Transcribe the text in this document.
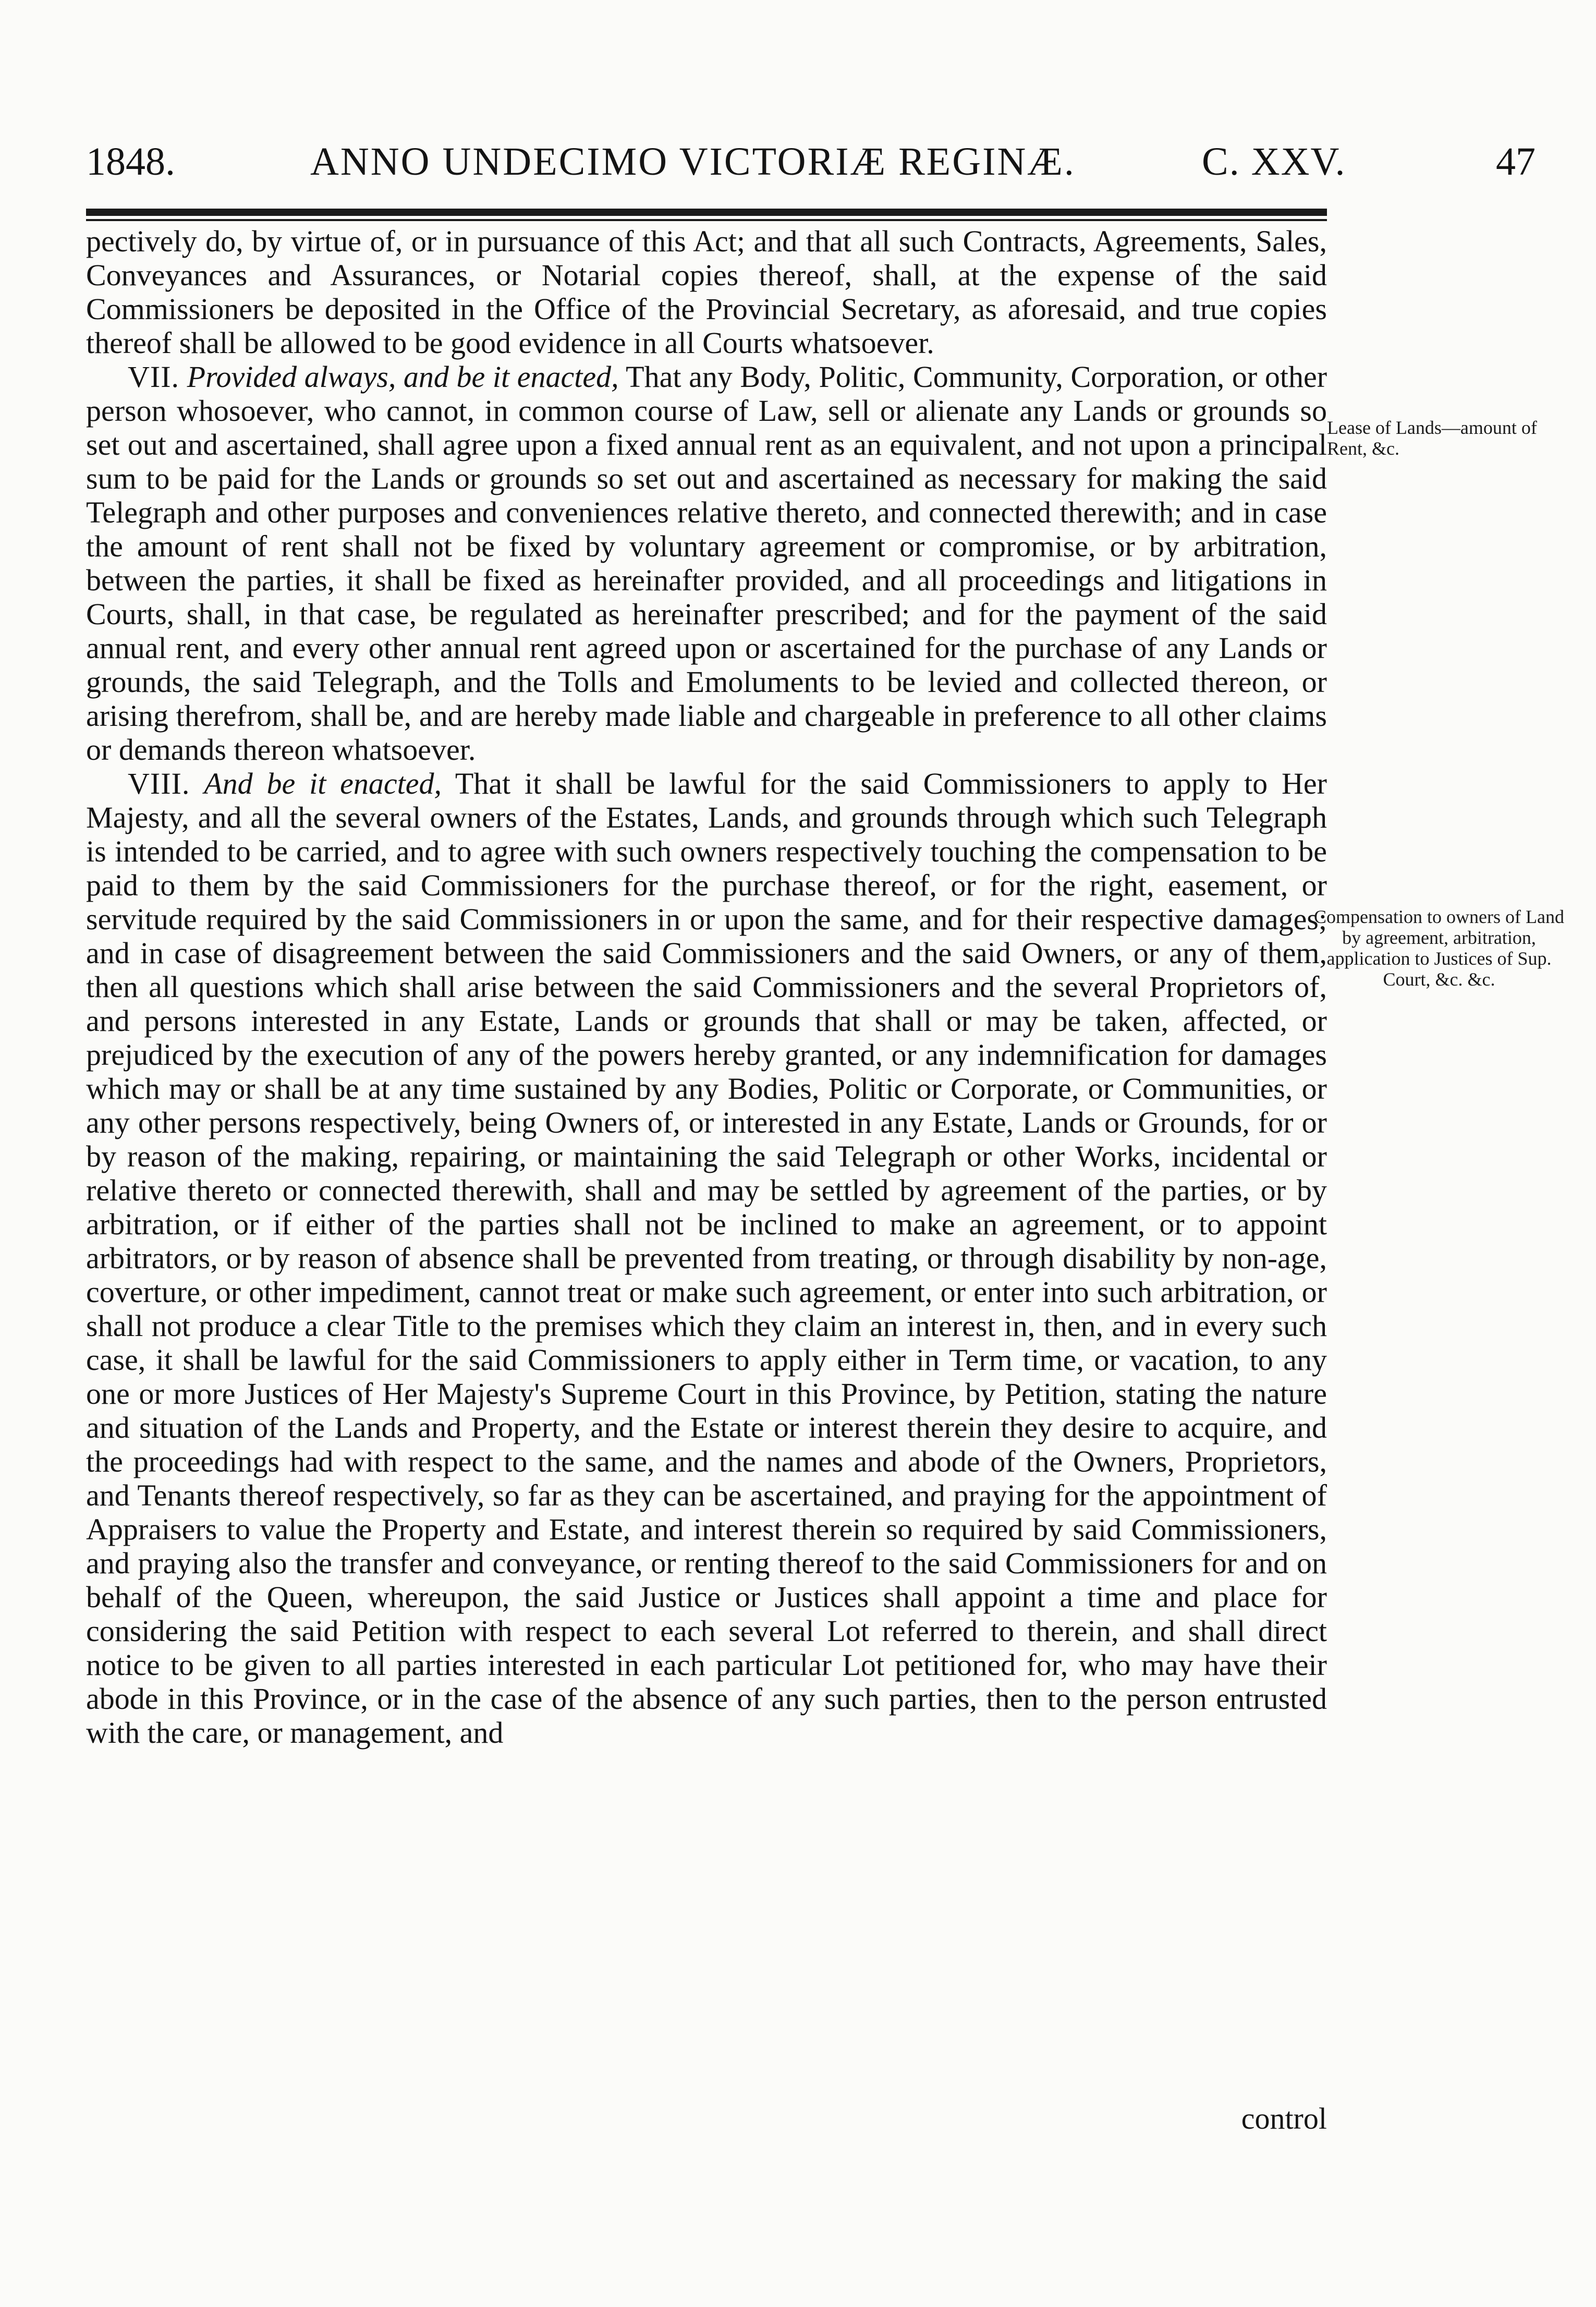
1848.	ANNO UNDECIMO VICTORIÆ REGINÆ.	C. XXV.	47

pectively do, by virtue of, or in pursuance of this Act; and that all such Contracts, Agreements, Sales, Conveyances and Assurances, or Notarial copies thereof, shall, at the expense of the said Commissioners be deposited in the Office of the Provincial Secretary, as aforesaid, and true copies thereof shall be allowed to be good evidence in all Courts whatsoever.

VII. Provided always, and be it enacted, That any Body, Politic, Community, Corporation, or other person whosoever, who cannot, in common course of Law, sell or alienate any Lands or grounds so set out and ascertained, shall agree upon a fixed annual rent as an equivalent, and not upon a principal sum to be paid for the Lands or grounds so set out and ascertained as necessary for making the said Telegraph and other purposes and conveniences relative thereto, and connected therewith; and in case the amount of rent shall not be fixed by voluntary agreement or compromise, or by arbitration, between the parties, it shall be fixed as hereinafter provided, and all proceedings and litigations in Courts, shall, in that case, be regulated as hereinafter prescribed; and for the payment of the said annual rent, and every other annual rent agreed upon or ascertained for the purchase of any Lands or grounds, the said Telegraph, and the Tolls and Emoluments to be levied and collected thereon, or arising therefrom, shall be, and are hereby made liable and chargeable in preference to all other claims or demands thereon whatsoever.

VIII. And be it enacted, That it shall be lawful for the said Commissioners to apply to Her Majesty, and all the several owners of the Estates, Lands, and grounds through which such Telegraph is intended to be carried, and to agree with such owners respectively touching the compensation to be paid to them by the said Commissioners for the purchase thereof, or for the right, easement, or servitude required by the said Commissioners in or upon the same, and for their respective damages; and in case of disagreement between the said Commissioners and the said Owners, or any of them, then all questions which shall arise between the said Commissioners and the several Proprietors of, and persons interested in any Estate, Lands or grounds that shall or may be taken, affected, or prejudiced by the execution of any of the powers hereby granted, or any indemnification for damages which may or shall be at any time sustained by any Bodies, Politic or Corporate, or Communities, or any other persons respectively, being Owners of, or interested in any Estate, Lands or Grounds, for or by reason of the making, repairing, or maintaining the said Telegraph or other Works, incidental or relative thereto or connected therewith, shall and may be settled by agreement of the parties, or by arbitration, or if either of the parties shall not be inclined to make an agreement, or to appoint arbitrators, or by reason of absence shall be prevented from treating, or through disability by non-age, coverture, or other impediment, cannot treat or make such agreement, or enter into such arbitration, or shall not produce a clear Title to the premises which they claim an interest in, then, and in every such case, it shall be lawful for the said Commissioners to apply either in Term time, or vacation, to any one or more Justices of Her Majesty's Supreme Court in this Province, by Petition, stating the nature and situation of the Lands and Property, and the Estate or interest therein they desire to acquire, and the proceedings had with respect to the same, and the names and abode of the Owners, Proprietors, and Tenants thereof respectively, so far as they can be ascertained, and praying for the appointment of Appraisers to value the Property and Estate, and interest therein so required by said Commissioners, and praying also the transfer and conveyance, or renting thereof to the said Commissioners for and on behalf of the Queen, whereupon, the said Justice or Justices shall appoint a time and place for considering the said Petition with respect to each several Lot referred to therein, and shall direct notice to be given to all parties interested in each particular Lot petitioned for, who may have their abode in this Province, or in the case of the absence of any such parties, then to the person entrusted with the care, or management, and

control
Lease of Lands—amount of Rent, &c.
Compensation to owners of Land by agreement, arbitration, application to Justices of Sup. Court, &c. &c.
